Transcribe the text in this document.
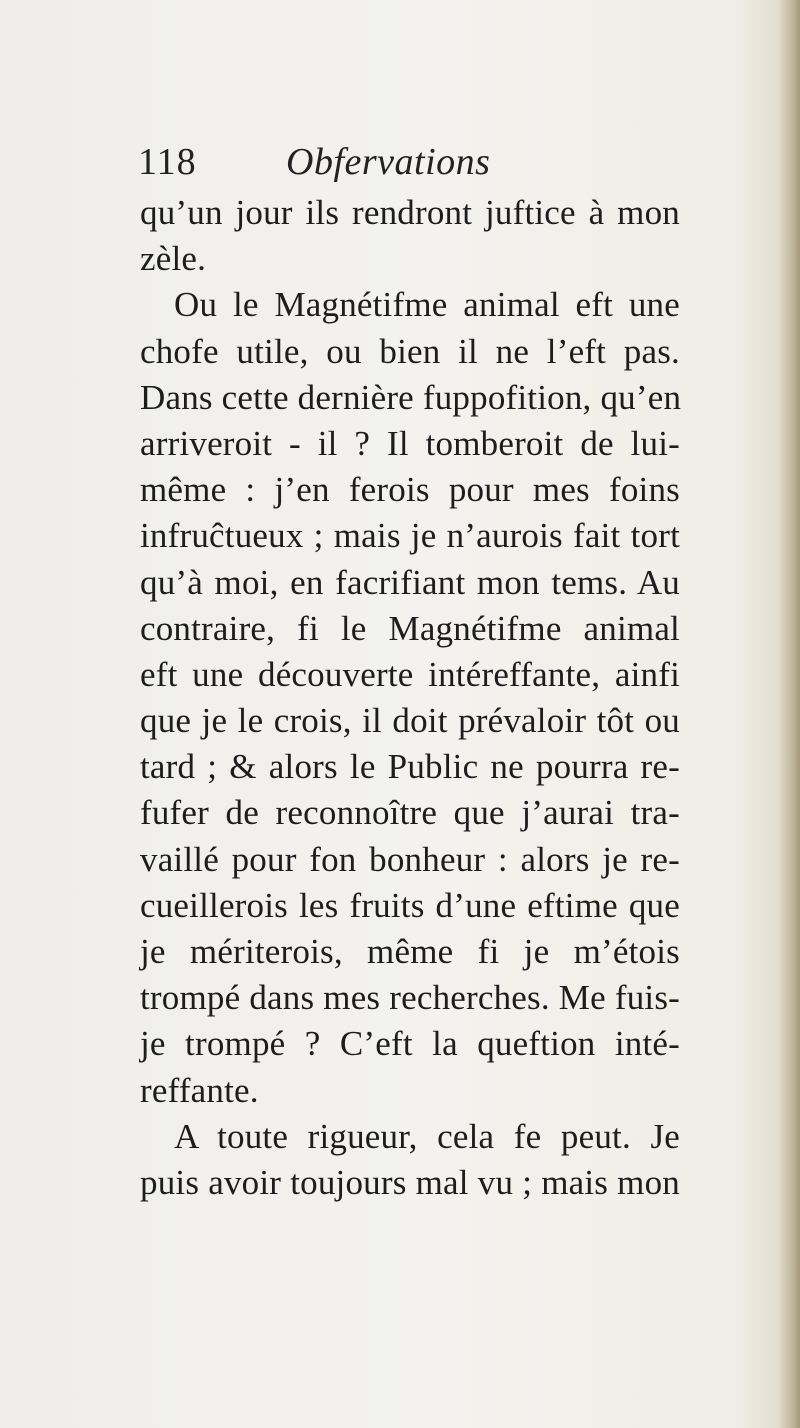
118 Obfervations
qu’un jour ils rendront juftice à mon
zèle.
Ou le Magnétifme animal eft une
chofe utile, ou bien il ne l’eft pas.
Dans cette dernière fuppofition, qu’en
arriveroit - il ? Il tomberoit de lui-
même : j’en ferois pour mes foins
infruĉtueux ; mais je n’aurois fait tort
qu’à moi, en facrifiant mon tems. Au
contraire, fi le Magnétifme animal
eft une découverte intéreffante, ainfi
que je le crois, il doit prévaloir tôt ou
tard ; & alors le Public ne pourra re-
fufer de reconnoître que j’aurai tra-
vaillé pour fon bonheur : alors je re-
cueillerois les fruits d’une eftime que
je mériterois, même fi je m’étois
trompé dans mes recherches. Me fuis-
je trompé ? C’eft la queftion inté-
reffante.
A toute rigueur, cela fe peut. Je
puis avoir toujours mal vu ; mais mon
